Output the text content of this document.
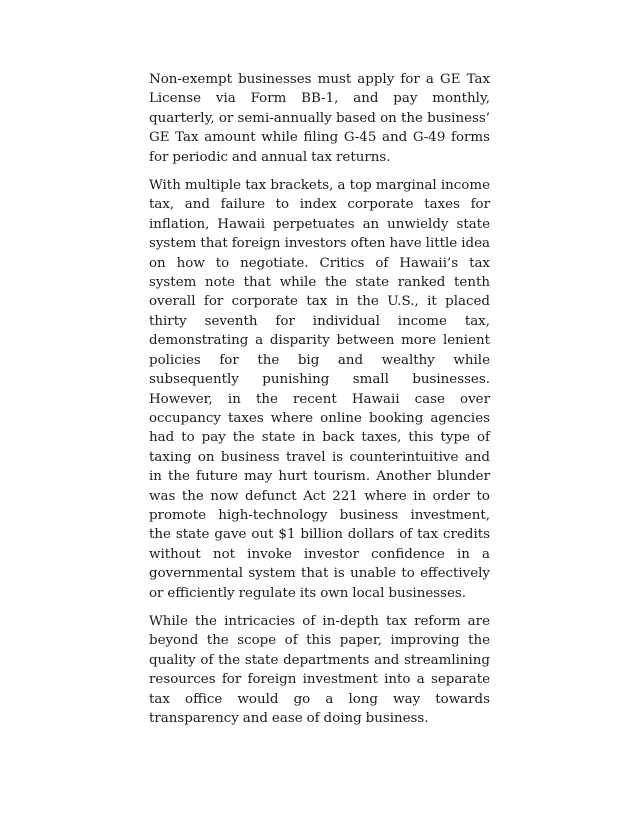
Non-exempt businesses must apply for a GE Tax License via Form BB-1, and pay monthly, quarterly, or semi-annually based on the business’ GE Tax amount while filing G-45 and G-49 forms for periodic and annual tax returns.

With multiple tax brackets, a top marginal income tax, and failure to index corporate taxes for inflation, Hawaii perpetuates an unwieldy state system that foreign investors often have little idea on how to negotiate. Critics of Hawaii’s tax system note that while the state ranked tenth overall for corporate tax in the U.S., it placed thirty seventh for individual income tax, demonstrating a disparity between more lenient policies for the big and wealthy while subsequently punishing small businesses. However, in the recent Hawaii case over occupancy taxes where online booking agencies had to pay the state in back taxes, this type of taxing on business travel is counterintuitive and in the future may hurt tourism. Another blunder was the now defunct Act 221 where in order to promote high-technology business investment, the state gave out $1 billion dollars of tax credits without not invoke investor confidence in a governmental system that is unable to effectively or efficiently regulate its own local businesses.

While the intricacies of in-depth tax reform are beyond the scope of this paper, improving the quality of the state departments and streamlining resources for foreign investment into a separate tax office would go a long way towards transparency and ease of doing business.
